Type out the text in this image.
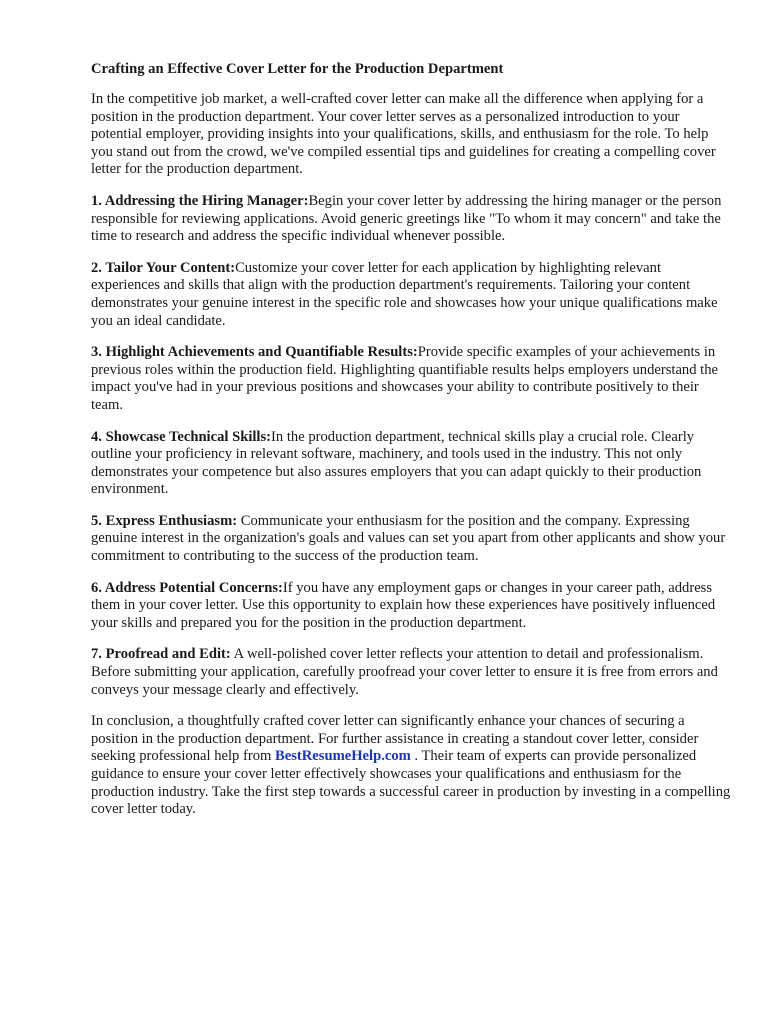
Crafting an Effective Cover Letter for the Production Department

In the competitive job market, a well-crafted cover letter can make all the difference when applying for a position in the production department. Your cover letter serves as a personalized introduction to your potential employer, providing insights into your qualifications, skills, and enthusiasm for the role. To help you stand out from the crowd, we've compiled essential tips and guidelines for creating a compelling cover letter for the production department.

1. Addressing the Hiring Manager:Begin your cover letter by addressing the hiring manager or the person responsible for reviewing applications. Avoid generic greetings like "To whom it may concern" and take the time to research and address the specific individual whenever possible.

2. Tailor Your Content:Customize your cover letter for each application by highlighting relevant experiences and skills that align with the production department's requirements. Tailoring your content demonstrates your genuine interest in the specific role and showcases how your unique qualifications make you an ideal candidate.

3. Highlight Achievements and Quantifiable Results:Provide specific examples of your achievements in previous roles within the production field. Highlighting quantifiable results helps employers understand the impact you've had in your previous positions and showcases your ability to contribute positively to their team.

4. Showcase Technical Skills:In the production department, technical skills play a crucial role. Clearly outline your proficiency in relevant software, machinery, and tools used in the industry. This not only demonstrates your competence but also assures employers that you can adapt quickly to their production environment.

5. Express Enthusiasm: Communicate your enthusiasm for the position and the company. Expressing genuine interest in the organization's goals and values can set you apart from other applicants and show your commitment to contributing to the success of the production team.

6. Address Potential Concerns:If you have any employment gaps or changes in your career path, address them in your cover letter. Use this opportunity to explain how these experiences have positively influenced your skills and prepared you for the position in the production department.

7. Proofread and Edit: A well-polished cover letter reflects your attention to detail and professionalism. Before submitting your application, carefully proofread your cover letter to ensure it is free from errors and conveys your message clearly and effectively.

In conclusion, a thoughtfully crafted cover letter can significantly enhance your chances of securing a position in the production department. For further assistance in creating a standout cover letter, consider seeking professional help from BestResumeHelp.com . Their team of experts can provide personalized guidance to ensure your cover letter effectively showcases your qualifications and enthusiasm for the production industry. Take the first step towards a successful career in production by investing in a compelling cover letter today.
